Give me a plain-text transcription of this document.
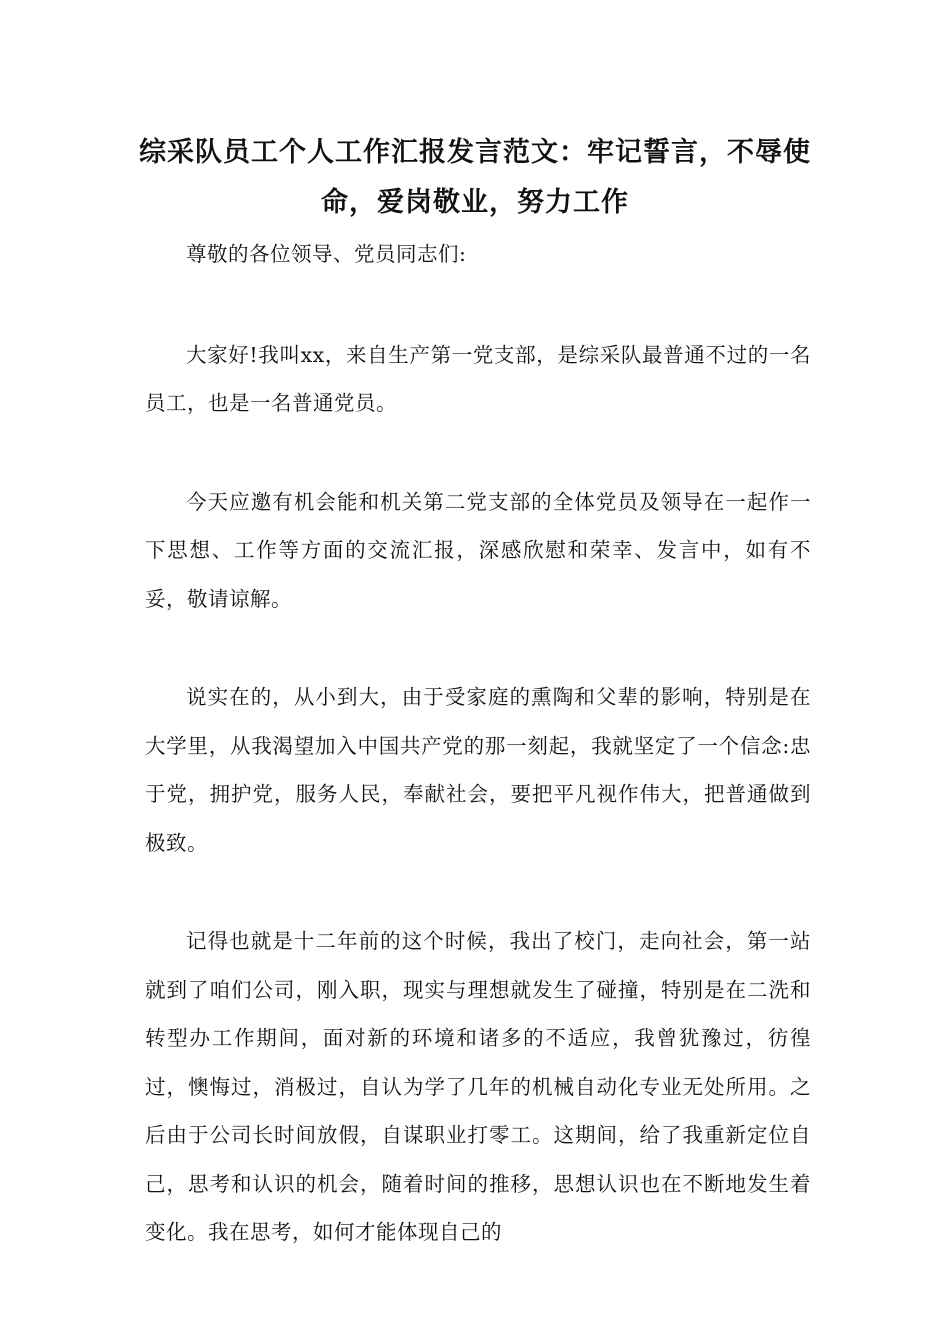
综采队员工个人工作汇报发言范文：牢记誓言，不辱使命，爱岗敬业，努力工作

尊敬的各位领导、党员同志们:

大家好!我叫xx，来自生产第一党支部，是综采队最普通不过的一名员工，也是一名普通党员。

今天应邀有机会能和机关第二党支部的全体党员及领导在一起作一下思想、工作等方面的交流汇报，深感欣慰和荣幸、发言中，如有不妥，敬请谅解。

说实在的，从小到大，由于受家庭的熏陶和父辈的影响，特别是在大学里，从我渴望加入中国共产党的那一刻起，我就坚定了一个信念:忠于党，拥护党，服务人民，奉献社会，要把平凡视作伟大，把普通做到极致。

记得也就是十二年前的这个时候，我出了校门，走向社会，第一站就到了咱们公司，刚入职，现实与理想就发生了碰撞，特别是在二洗和转型办工作期间，面对新的环境和诸多的不适应，我曾犹豫过，彷徨过，懊悔过，消极过，自认为学了几年的机械自动化专业无处所用。之后由于公司长时间放假，自谋职业打零工。这期间，给了我重新定位自己，思考和认识的机会，随着时间的推移，思想认识也在不断地发生着变化。我在思考，如何才能体现自己的
